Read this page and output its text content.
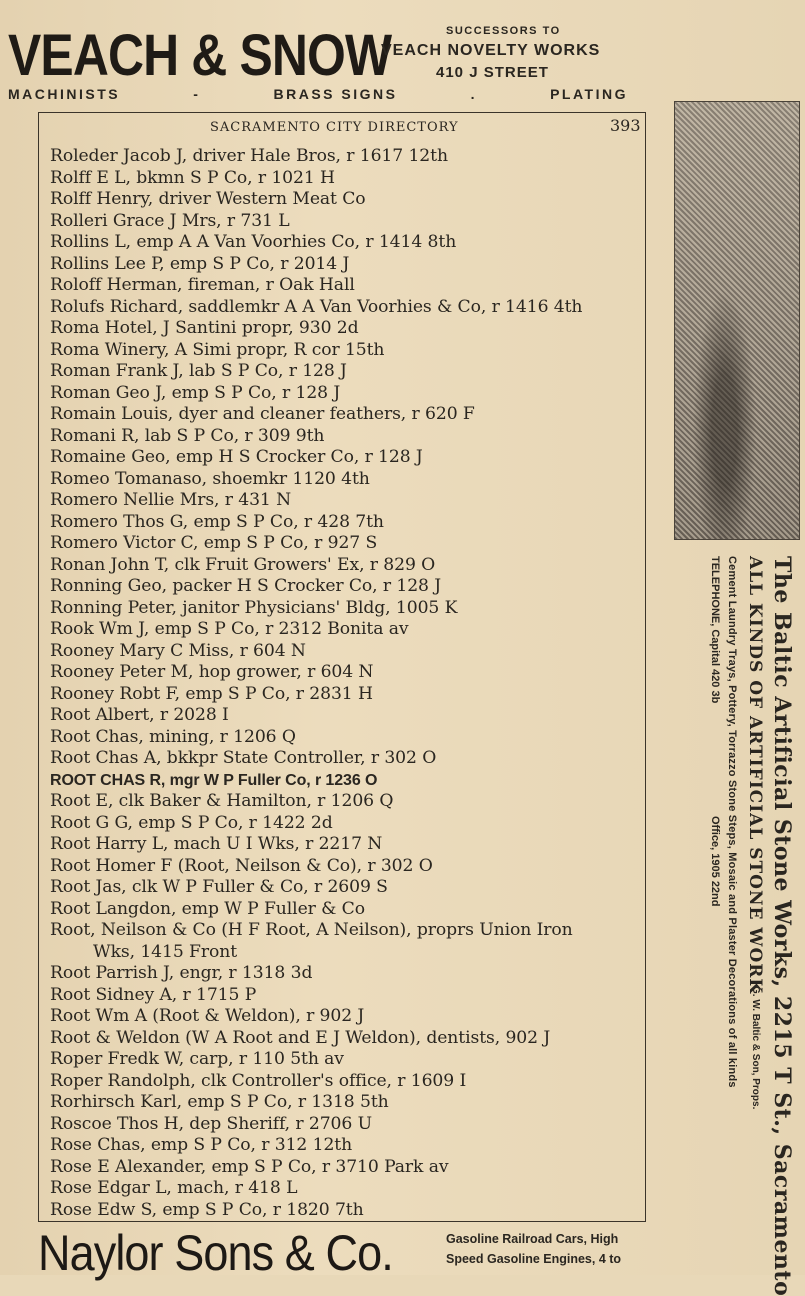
VEACH & SNOW	SUCCESSORS TO
VEACH NOVELTY WORKS
410 J STREET
MACHINISTS	-	BRASS SIGNS	.	PLATING
SACRAMENTO CITY DIRECTORY	393
Roleder Jacob J, driver Hale Bros, r 1617 12th
Rolff E L, bkmn S P Co, r 1021 H
Rolff Henry, driver Western Meat Co
Rolleri Grace J Mrs, r 731 L
Rollins L, emp A A Van Voorhies Co, r 1414 8th
Rollins Lee P, emp S P Co, r 2014 J
Roloff Herman, fireman, r Oak Hall
Rolufs Richard, saddlemkr A A Van Voorhies & Co, r 1416 4th
Roma Hotel, J Santini propr, 930 2d
Roma Winery, A Simi propr, R cor 15th
Roman Frank J, lab S P Co, r 128 J
Roman Geo J, emp S P Co, r 128 J
Romain Louis, dyer and cleaner feathers, r 620 F
Romani R, lab S P Co, r 309 9th
Romaine Geo, emp H S Crocker Co, r 128 J
Romeo Tomanaso, shoemkr 1120 4th
Romero Nellie Mrs, r 431 N
Romero Thos G, emp S P Co, r 428 7th
Romero Victor C, emp S P Co, r 927 S
Ronan John T, clk Fruit Growers' Ex, r 829 O
Ronning Geo, packer H S Crocker Co, r 128 J
Ronning Peter, janitor Physicians' Bldg, 1005 K
Rook Wm J, emp S P Co, r 2312 Bonita av
Rooney Mary C Miss, r 604 N
Rooney Peter M, hop grower, r 604 N
Rooney Robt F, emp S P Co, r 2831 H
Root Albert, r 2028 I
Root Chas, mining, r 1206 Q
Root Chas A, bkkpr State Controller, r 302 O
ROOT CHAS R, mgr W P Fuller Co, r 1236 O
Root E, clk Baker & Hamilton, r 1206 Q
Root G G, emp S P Co, r 1422 2d
Root Harry L, mach U I Wks, r 2217 N
Root Homer F (Root, Neilson & Co), r 302 O
Root Jas, clk W P Fuller & Co, r 2609 S
Root Langdon, emp W P Fuller & Co
Root, Neilson & Co (H F Root, A Neilson), proprs Union Iron
Wks, 1415 Front
Root Parrish J, engr, r 1318 3d
Root Sidney A, r 1715 P
Root Wm A (Root & Weldon), r 902 J
Root & Weldon (W A Root and E J Weldon), dentists, 902 J
Roper Fredk W, carp, r 110 5th av
Roper Randolph, clk Controller's office, r 1609 I
Rorhirsch Karl, emp S P Co, r 1318 5th
Roscoe Thos H, dep Sheriff, r 2706 U
Rose Chas, emp S P Co, r 312 12th
Rose E Alexander, emp S P Co, r 3710 Park av
Rose Edgar L, mach, r 418 L
Rose Edw S, emp S P Co, r 1820 7th	The Baltic Artificial Stone Works, 2215 T St., Sacramento
ALL KINDS OF ARTIFICIAL STONE WORK
G. W. Baltic & Son, Props.
Cement Laundry Trays, Pottery, Torrazzo Stone Steps, Mosaic and Plaster Decorations of all kinds
TELEPHONE, Capital 420 3b
Office, 1905 22nd
Naylor Sons & Co.	Gasoline Railroad Cars, High
Speed Gasoline Engines, 4 to
